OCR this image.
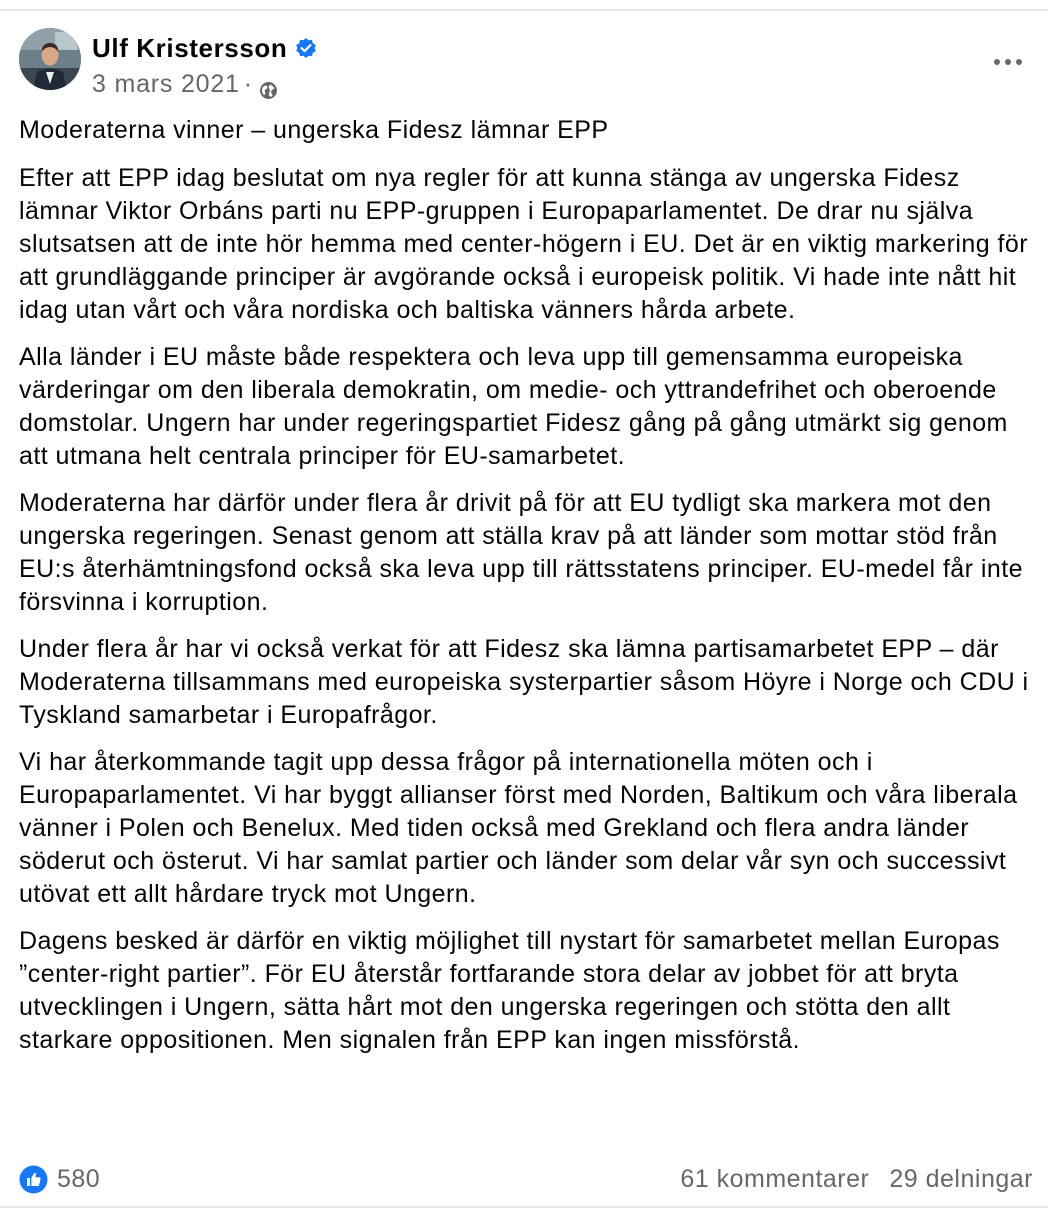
Ulf Kristersson
3 mars 2021 ·

Moderaterna vinner – ungerska Fidesz lämnar EPP

Efter att EPP idag beslutat om nya regler för att kunna stänga av ungerska Fidesz lämnar Viktor Orbáns parti nu EPP-gruppen i Europaparlamentet. De drar nu själva slutsatsen att de inte hör hemma med center-högern i EU. Det är en viktig markering för att grundläggande principer är avgörande också i europeisk politik. Vi hade inte nått hit idag utan vårt och våra nordiska och baltiska vänners hårda arbete.

Alla länder i EU måste både respektera och leva upp till gemensamma europeiska värderingar om den liberala demokratin, om medie- och yttrandefrihet och oberoende domstolar. Ungern har under regeringspartiet Fidesz gång på gång utmärkt sig genom att utmana helt centrala principer för EU-samarbetet.

Moderaterna har därför under flera år drivit på för att EU tydligt ska markera mot den ungerska regeringen. Senast genom att ställa krav på att länder som mottar stöd från EU:s återhämtningsfond också ska leva upp till rättsstatens principer. EU-medel får inte försvinna i korruption.

Under flera år har vi också verkat för att Fidesz ska lämna partisamarbetet EPP – där Moderaterna tillsammans med europeiska systerpartier såsom Höyre i Norge och CDU i Tyskland samarbetar i Europafrågor.

Vi har återkommande tagit upp dessa frågor på internationella möten och i Europaparlamentet. Vi har byggt allianser först med Norden, Baltikum och våra liberala vänner i Polen och Benelux. Med tiden också med Grekland och flera andra länder söderut och österut. Vi har samlat partier och länder som delar vår syn och successivt utövat ett allt hårdare tryck mot Ungern.

Dagens besked är därför en viktig möjlighet till nystart för samarbetet mellan Europas ”center-right partier”. För EU återstår fortfarande stora delar av jobbet för att bryta utvecklingen i Ungern, sätta hårt mot den ungerska regeringen och stötta den allt starkare oppositionen. Men signalen från EPP kan ingen missförstå.

580	61 kommentarer 29 delningar
